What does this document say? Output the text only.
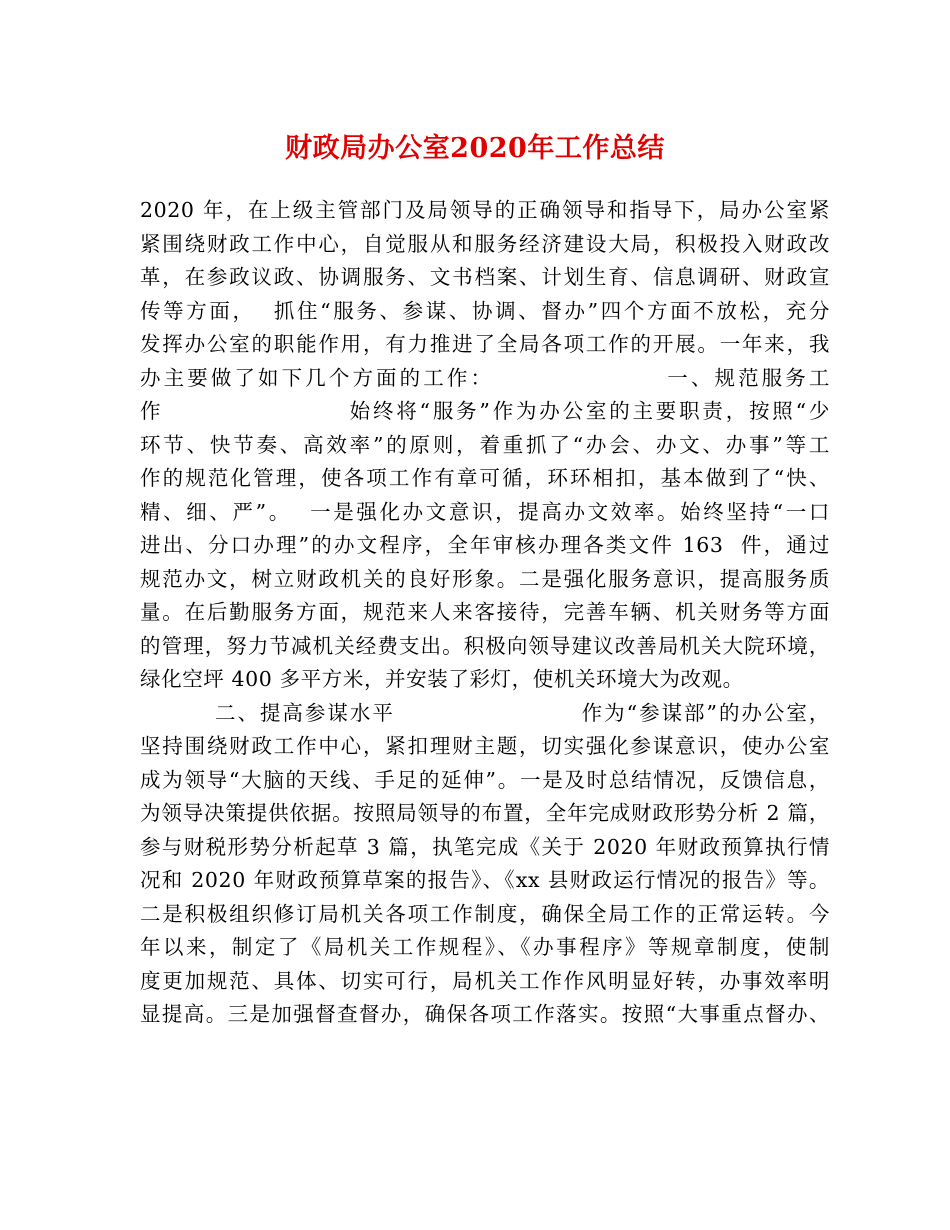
财政局办公室2020年工作总结
2020 年，在上级主管部门及局领导的正确领导和指导下，局办公室紧
紧围绕财政工作中心，自觉服从和服务经济建设大局，积极投入财政改
革，在参政议政、协调服务、文书档案、计划生育、信息调研、财政宣
传等方面，  抓住“服务、参谋、协调、督办”四个方面不放松，充分
发挥办公室的职能作用，有力推进了全局各项工作的开展。一年来，我
办主要做了如下几个方面的工作：                  一、规范服务工
作                    始终将“服务”作为办公室的主要职责，按照“少
环节、快节奏、高效率”的原则，着重抓了“办会、办文、办事”等工
作的规范化管理，使各项工作有章可循，环环相扣，基本做到了“快、
精、细、严”。  一是强化办文意识，提高办文效率。始终坚持“一口
进出、分口办理”的办文程序，全年审核办理各类文件 163  件，通过
规范办文，树立财政机关的良好形象。二是强化服务意识，提高服务质
量。在后勤服务方面，规范来人来客接待，完善车辆、机关财务等方面
的管理，努力节减机关经费支出。积极向领导建议改善局机关大院环境，
绿化空坪 400 多平方米，并安装了彩灯，使机关环境大为改观。
二、提高参谋水平                      作为“参谋部”的办公室，
坚持围绕财政工作中心，紧扣理财主题，切实强化参谋意识，使办公室
成为领导“大脑的天线、手足的延伸”。一是及时总结情况，反馈信息，
为领导决策提供依据。按照局领导的布置，全年完成财政形势分析 2 篇，
参与财税形势分析起草 3 篇，执笔完成《关于 2020 年财政预算执行情
况和 2020 年财政预算草案的报告》、《xx 县财政运行情况的报告》等。
二是积极组织修订局机关各项工作制度，确保全局工作的正常运转。今
年以来，制定了《局机关工作规程》、《办事程序》等规章制度，使制
度更加规范、具体、切实可行，局机关工作作风明显好转，办事效率明
显提高。三是加强督查督办，确保各项工作落实。按照“大事重点督办、
